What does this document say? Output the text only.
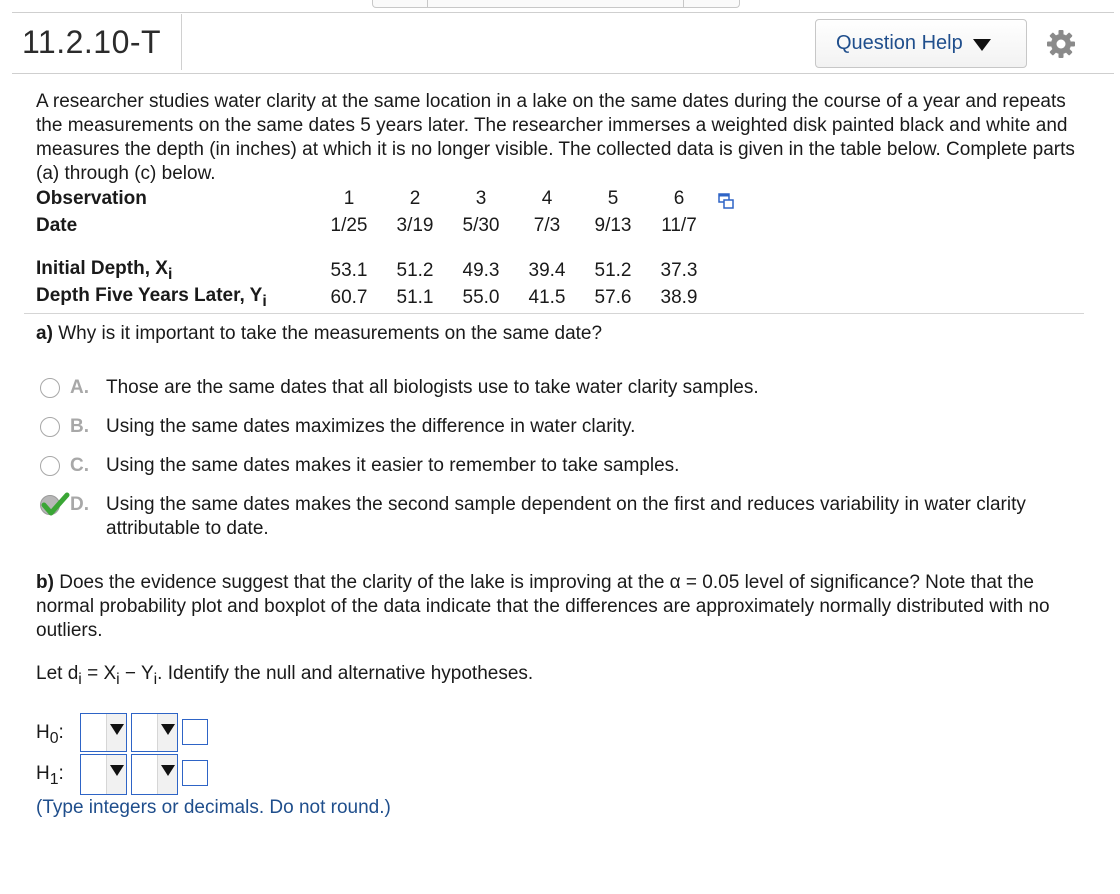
11.2.10-T	Question Help
A researcher studies water clarity at the same location in a lake on the same dates during the course of a year and repeats the measurements on the same dates 5 years later. The researcher immerses a weighted disk painted black and white and measures the depth (in inches) at which it is no longer visible. The collected data is given in the table below. Complete parts (a) through (c) below.
Observation	1	2	3	4	5	6
Date	1/25	3/19	5/30	7/3	9/13	11/7

Initial Depth, $X_i$	53.1	51.2	49.3	39.4	51.2	37.3
Depth Five Years Later, $Y_i$	60.7	51.1	55.0	41.5	57.6	38.9
a) Why is it important to take the measurements on the same date?
A. Those are the same dates that all biologists use to take water clarity samples.
B. Using the same dates maximizes the difference in water clarity.
C. Using the same dates makes it easier to remember to take samples.
D. Using the same dates makes the second sample dependent on the first and reduces variability in water clarity attributable to date.
b) Does the evidence suggest that the clarity of the lake is improving at the α = 0.05 level of significance? Note that the normal probability plot and boxplot of the data indicate that the differences are approximately normally distributed with no outliers.
Let $d_i = X_i - Y_i$. Identify the null and alternative hypotheses.
$H_0$:
$H_1$:
(Type integers or decimals. Do not round.)
